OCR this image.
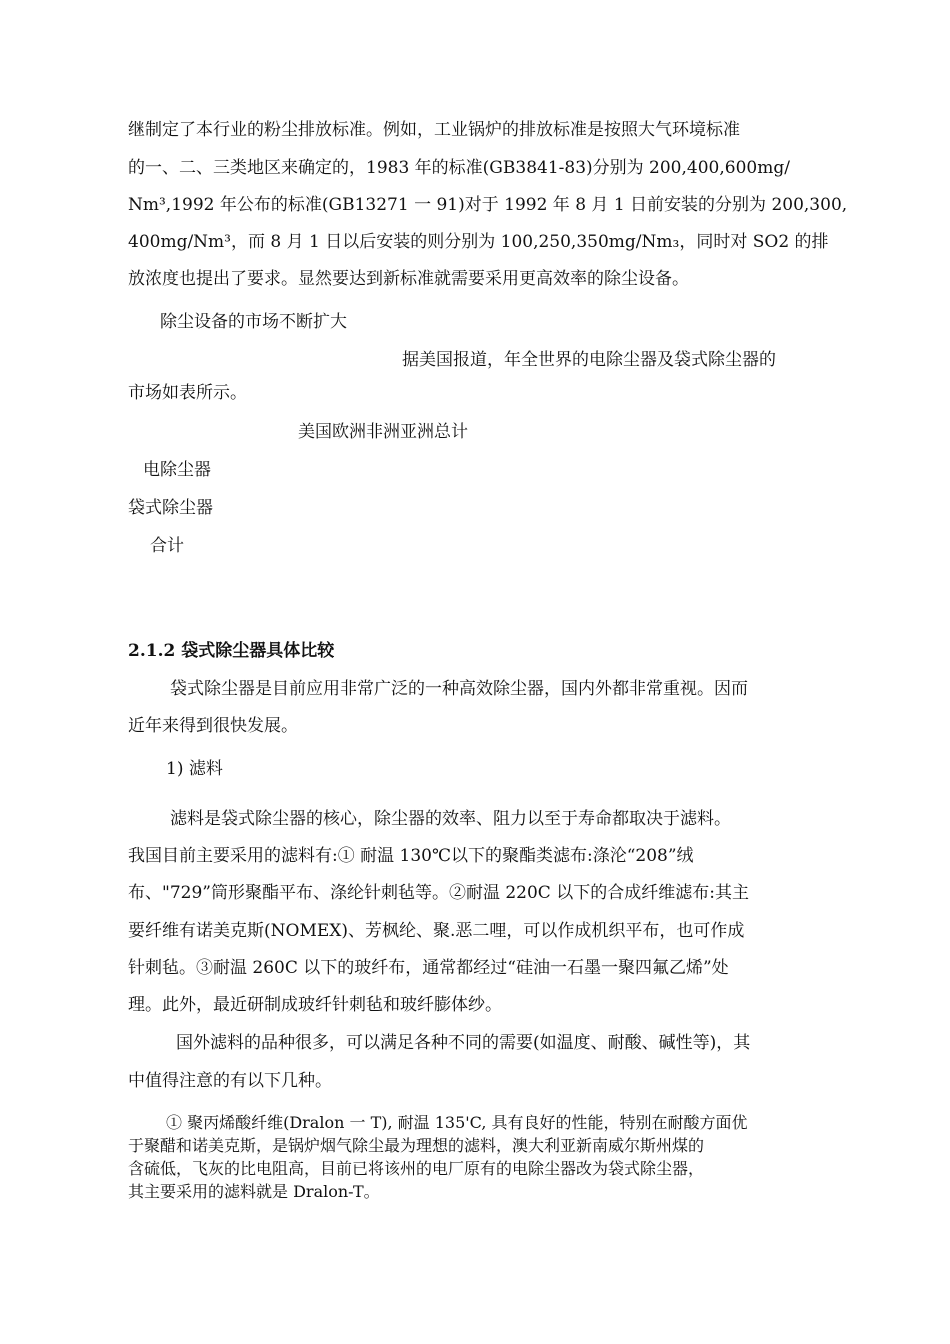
继制定了本行业的粉尘排放标准。例如，工业锅炉的排放标准是按照大气环境标准
的一、二、三类地区来确定的，1983 年的标准(GB3841-83)分别为 200,400,600mg/
Nm³,1992 年公布的标准(GB13271 一 91)对于 1992 年 8 月 1 日前安装的分别为 200,300,
400mg/Nm³，而 8 月 1 日以后安装的则分别为 100,250,350mg/Nm₃，同时对 SO2 的排
放浓度也提出了要求。显然要达到新标准就需要采用更高效率的除尘设备。
除尘设备的市场不断扩大
据美国报道，年全世界的电除尘器及袋式除尘器的
市场如表所示。
美国欧洲非洲亚洲总计
电除尘器
袋式除尘器
合计
2.1.2 袋式除尘器具体比较
袋式除尘器是目前应用非常广泛的一种高效除尘器，国内外都非常重视。因而
近年来得到很快发展。
1) 滤料
滤料是袋式除尘器的核心，除尘器的效率、阻力以至于寿命都取决于滤料。
我国目前主要采用的滤料有:① 耐温 130℃以下的聚酯类滤布:涤沦“208”绒
布、"729”筒形聚酯平布、涤纶针刺毡等。②耐温 220C 以下的合成纤维滤布:其主
要纤维有诺美克斯(NOMEX)、芳枫纶、聚.恶二哩，可以作成机织平布，也可作成
针刺毡。③耐温 260C 以下的玻纤布，通常都经过“硅油一石墨一聚四氟乙烯”处
理。此外，最近研制成玻纤针刺毡和玻纤膨体纱。
国外滤料的品种很多，可以满足各种不同的需要(如温度、耐酸、碱性等)，其
中值得注意的有以下几种。
① 聚丙烯酸纤维(Dralon 一 T), 耐温 135'C, 具有良好的性能，特别在耐酸方面优
于聚醋和诺美克斯，是锅炉烟气除尘最为理想的滤料，澳大利亚新南威尔斯州煤的
含硫低，飞灰的比电阻高，目前已将该州的电厂原有的电除尘器改为袋式除尘器，
其主要采用的滤料就是 Dralon-T。
